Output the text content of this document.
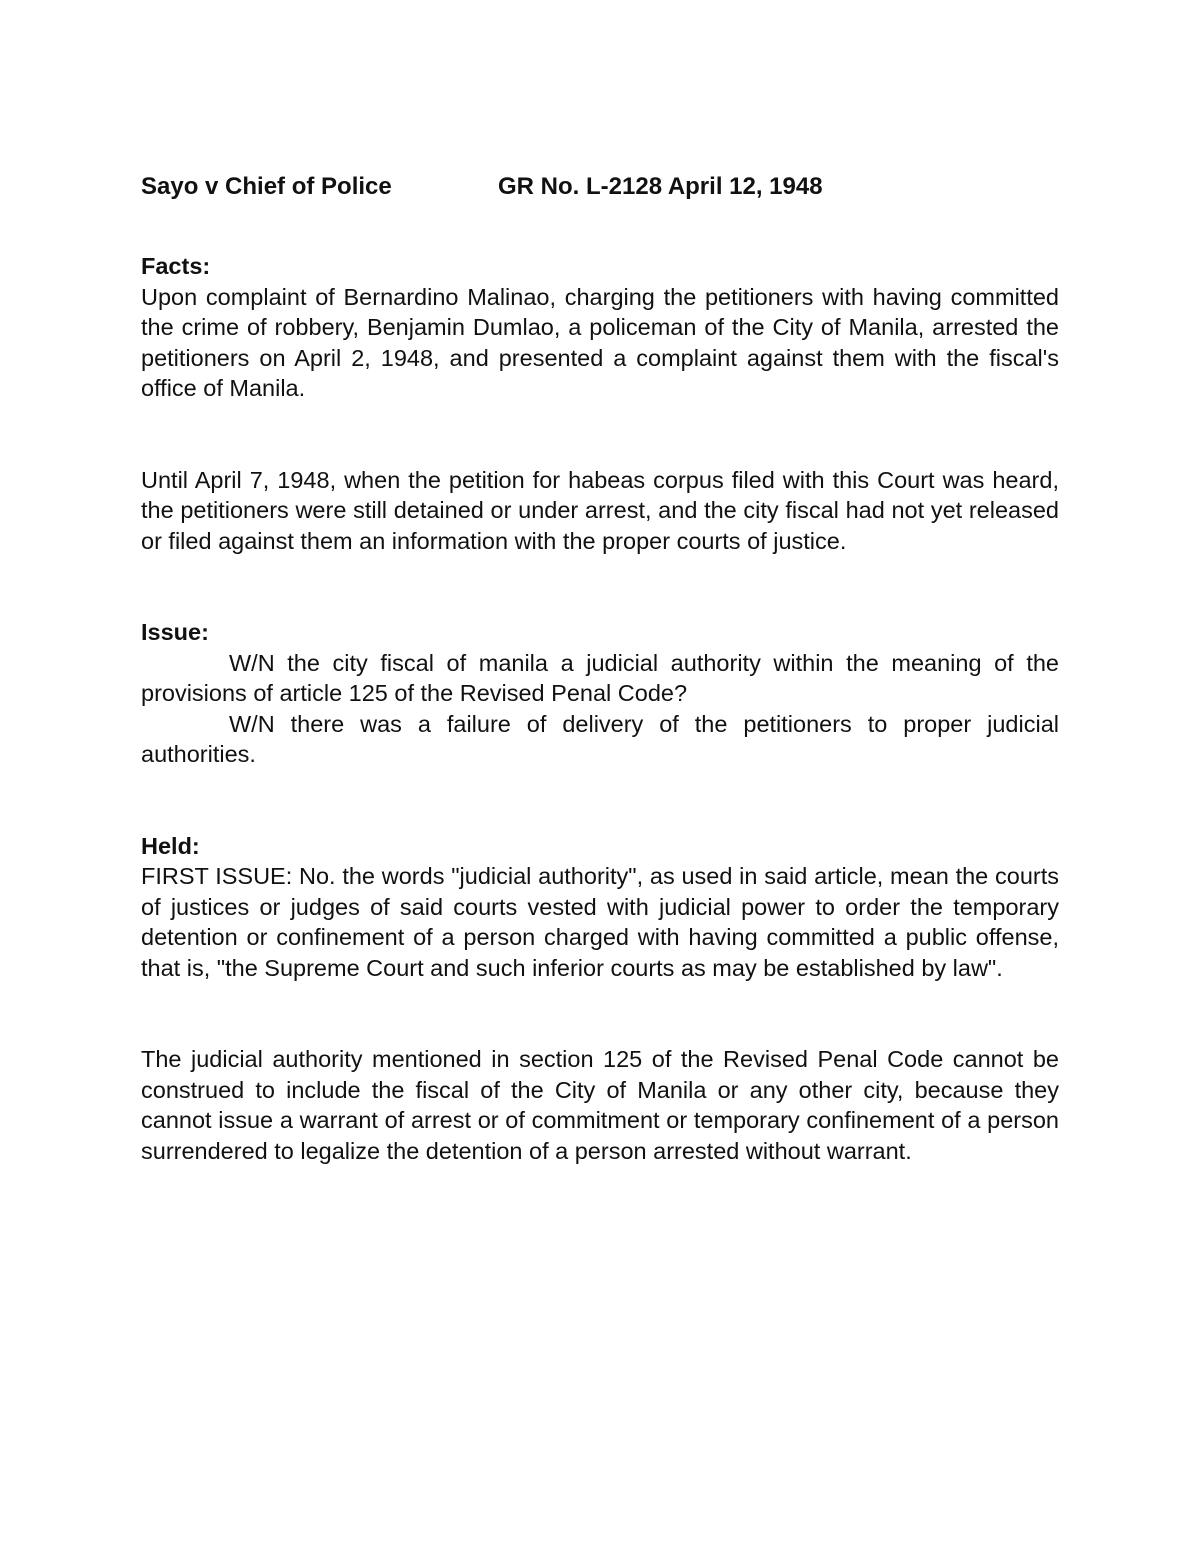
Sayo v Chief of Police	GR No. L-2128 April 12, 1948

Facts:

Upon complaint of Bernardino Malinao, charging the petitioners with having committed the crime of robbery, Benjamin Dumlao, a policeman of the City of Manila, arrested the petitioners on April 2, 1948, and presented a complaint against them with the fiscal's office of Manila.

Until April 7, 1948, when the petition for habeas corpus filed with this Court was heard, the petitioners were still detained or under arrest, and the city fiscal had not yet released or filed against them an information with the proper courts of justice.

Issue:

W/N the city fiscal of manila a judicial authority within the meaning of the provisions of article 125 of the Revised Penal Code?

W/N there was a failure of delivery of the petitioners to proper judicial authorities.

Held:

FIRST ISSUE: No. the words "judicial authority", as used in said article, mean the courts of justices or judges of said courts vested with judicial power to order the temporary detention or confinement of a person charged with having committed a public offense, that is, "the Supreme Court and such inferior courts as may be established by law".

The judicial authority mentioned in section 125 of the Revised Penal Code cannot be construed to include the fiscal of the City of Manila or any other city, because they cannot issue a warrant of arrest or of commitment or temporary confinement of a person surrendered to legalize the detention of a person arrested without warrant.
